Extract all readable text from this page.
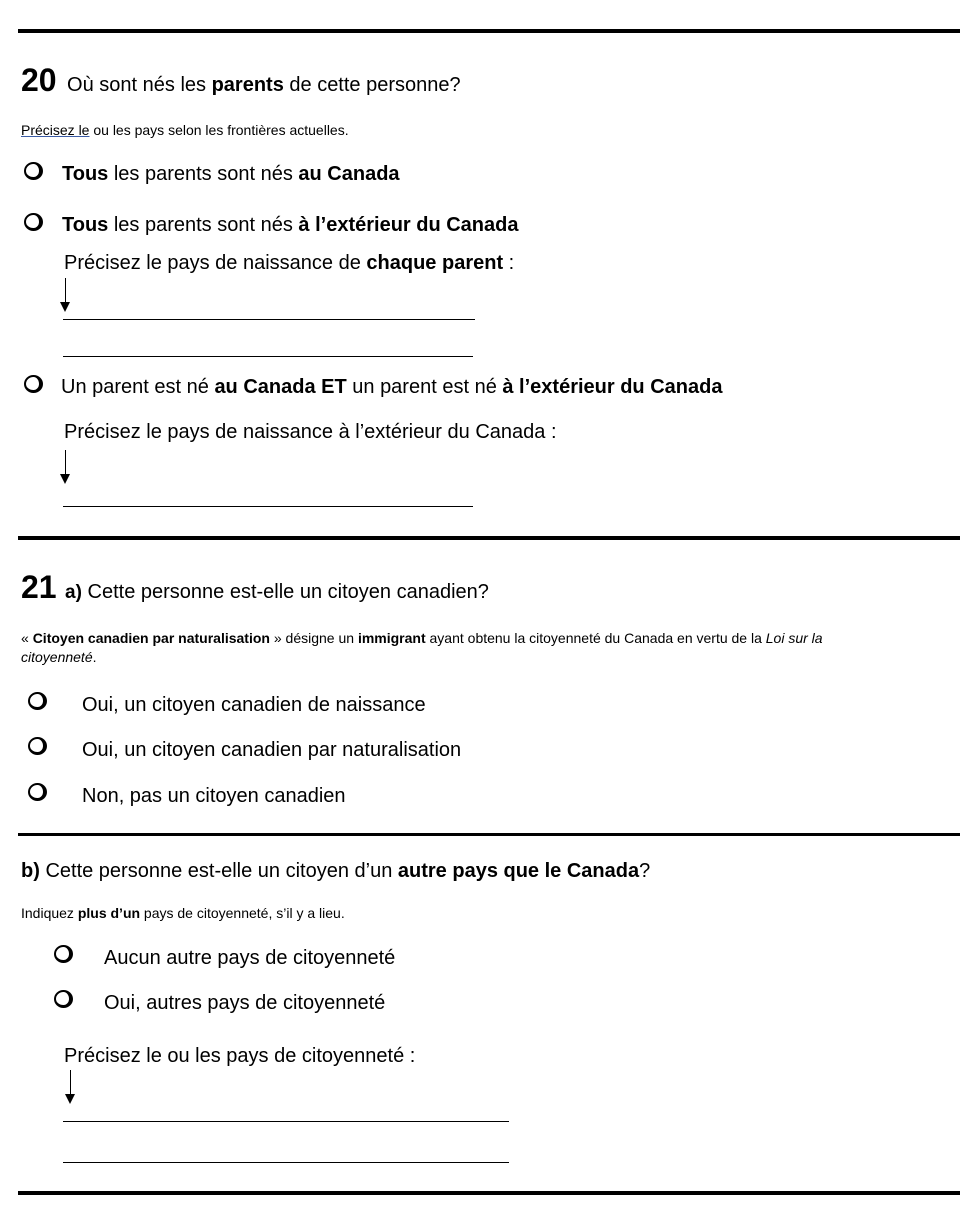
20 Où sont nés les parents de cette personne?
Précisez le ou les pays selon les frontières actuelles.
Tous les parents sont nés au Canada
Tous les parents sont nés à l’extérieur du Canada
Précisez le pays de naissance de chaque parent :
Un parent est né au Canada ET un parent est né à l’extérieur du Canada
Précisez le pays de naissance à l’extérieur du Canada :
21 a) Cette personne est-elle un citoyen canadien?
« Citoyen canadien par naturalisation » désigne un immigrant ayant obtenu la citoyenneté du Canada en vertu de la Loi sur la
citoyenneté.
Oui, un citoyen canadien de naissance
Oui, un citoyen canadien par naturalisation
Non, pas un citoyen canadien
b) Cette personne est-elle un citoyen d’un autre pays que le Canada?
Indiquez plus d’un pays de citoyenneté, s’il y a lieu.
Aucun autre pays de citoyenneté
Oui, autres pays de citoyenneté
Précisez le ou les pays de citoyenneté :
